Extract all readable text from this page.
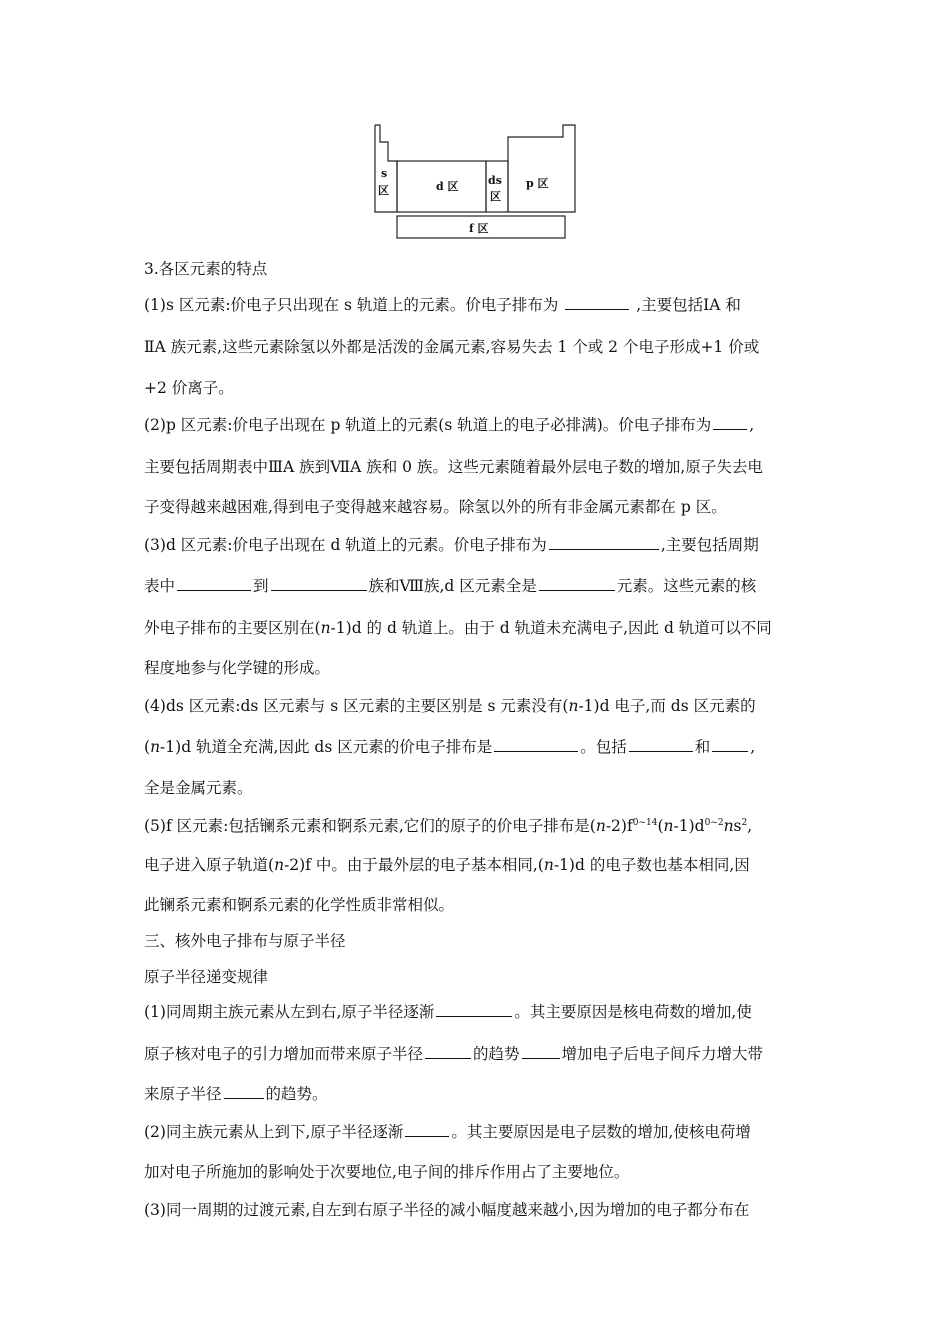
s
区	d 区	ds
区
p 区
f 区
3.各区元素的特点
(1)s 区元素:价电子只出现在 s 轨道上的元素。价电子排布为	,主要包括ⅠA 和
ⅡA 族元素,这些元素除氢以外都是活泼的金属元素,容易失去 1 个或 2 个电子形成+1 价或
+2 价离子。
(2)p 区元素:价电子出现在 p 轨道上的元素(s 轨道上的电子必排满)。价电子排布为 ,
主要包括周期表中ⅢA 族到ⅦA 族和 0 族。这些元素随着最外层电子数的增加,原子失去电
子变得越来越困难,得到电子变得越来越容易。除氢以外的所有非金属元素都在 p 区。
(3)d 区元素:价电子出现在 d 轨道上的元素。价电子排布为	,主要包括周期
表中	到	族和Ⅷ族,d 区元素全是	元素。这些元素的核
外电子排布的主要区别在(n-1)d 的 d 轨道上。由于 d 轨道未充满电子,因此 d 轨道可以不同
程度地参与化学键的形成。
(4)ds 区元素:ds 区元素与 s 区元素的主要区别是 s 元素没有(n-1)d 电子,而 ds 区元素的
(n-1)d 轨道全充满,因此 ds 区元素的价电子排布是	。包括	和	,
全是金属元素。
(5)f 区元素:包括镧系元素和锕系元素,它们的原子的价电子排布是$(n-2)f^{0\sim 14}(n-1)d^{0\sim 2}ns^2$,
电子进入原子轨道(n-2)f 中。由于最外层的电子基本相同,(n-1)d 的电子数也基本相同,因
此镧系元素和锕系元素的化学性质非常相似。
三、核外电子排布与原子半径
原子半径递变规律
(1)同周期主族元素从左到右,原子半径逐渐	。其主要原因是核电荷数的增加,使
原子核对电子的引力增加而带来原子半径	的趋势	增加电子后电子间斥力增大带
来原子半径	的趋势。
(2)同主族元素从上到下,原子半径逐渐	。其主要原因是电子层数的增加,使核电荷增
加对电子所施加的影响处于次要地位,电子间的排斥作用占了主要地位。
(3)同一周期的过渡元素,自左到右原子半径的减小幅度越来越小,因为增加的电子都分布在
